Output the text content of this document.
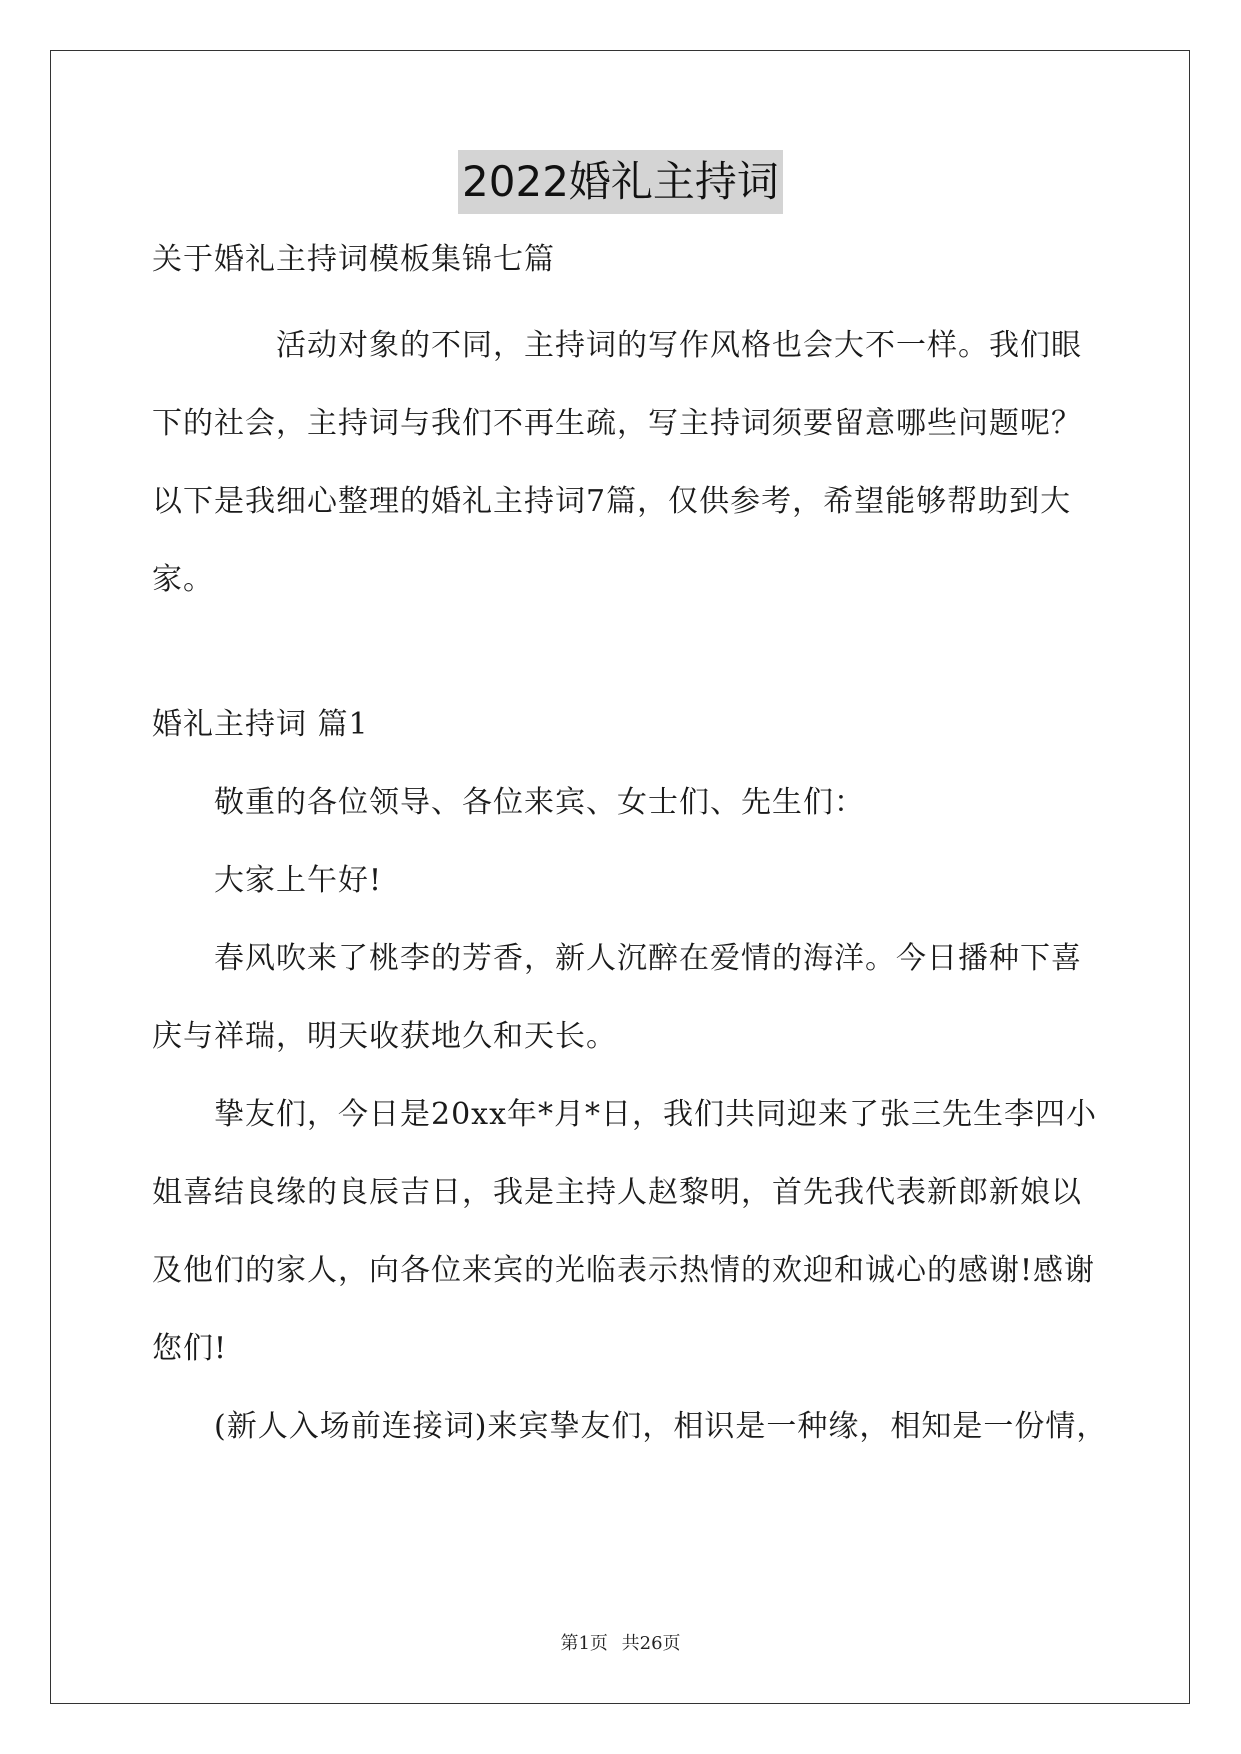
2022婚礼主持词
关于婚礼主持词模板集锦七篇
　　　　活动对象的不同，主持词的写作风格也会大不一样。我们眼
下的社会，主持词与我们不再生疏，写主持词须要留意哪些问题呢？
以下是我细心整理的婚礼主持词7篇，仅供参考，希望能够帮助到大
家。
婚礼主持词 篇1
　　敬重的各位领导、各位来宾、女士们、先生们：
　　大家上午好!
　　春风吹来了桃李的芳香，新人沉醉在爱情的海洋。今日播种下喜
庆与祥瑞，明天收获地久和天长。
　　挚友们，今日是20xx年*月*日，我们共同迎来了张三先生李四小
姐喜结良缘的良辰吉日，我是主持人赵黎明，首先我代表新郎新娘以
及他们的家人，向各位来宾的光临表示热情的欢迎和诚心的感谢!感谢
您们!
　　(新人入场前连接词)来宾挚友们，相识是一种缘，相知是一份情，
第1页 共26页
